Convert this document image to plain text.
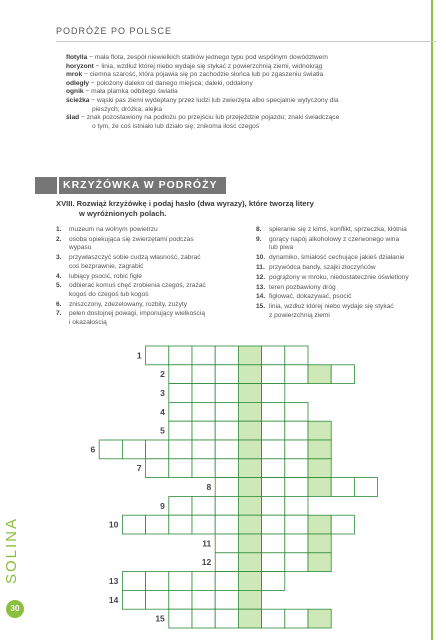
PODRÓŻE PO POLSCE
flotylla − mała flota, zespół niewielkich statków jednego typu pod wspólnym dowództwem
horyzont − linia, wzdłuż której niebo wydaje się stykać z powierzchnią ziemi, widnokrąg
mrok − ciemna szarość, która pojawia się po zachodzie słońca lub po zgaszeniu światła
odległy − położony daleko od danego miejsca; daleki, oddalony
ognik − mała plamka odbitego światła
ścieżka − wąski pas ziemi wydeptany przez ludzi lub zwierzęta albo specjalnie wytyczony dla
pieszych; dróżka; alejka
ślad − znak pozostawiony na podłożu po przejściu lub przejeździe pojazdu; znaki świadczące
o tym, że coś istniało lub działo się; znikoma ilość czegoś
KRZYŻÓWKA W PODRÓŻY
XVIII. Rozwiąż krzyżówkę i podaj hasło (dwa wyrazy), które tworzą litery
w wyróżnionych polach.
1.	muzeum na wolnym powietrzu
2.	osoba opiekująca się zwierzętami podczas
wypasu
3.	przywłaszczyć sobie cudzą własność, zabrać
coś bezprawnie, zagrabić
4.	lubiący psocić, robić figle
5.	odbierać komuś chęć zrobienia czegoś, zrażać
kogoś do czegoś lub kogoś
6.	zniszczony, zdezelowany, rozbity, zużyty
7.	pełen dostojnej powagi, imponujący wielkością
i okazałością
8.	spieranie się z kimś, konflikt, sprzeczka, kłótnia
9.	gorący napój alkoholowy z czerwonego wina
lub piwa
10. dynamiko, śmiałość cechujące jakieś działanie
11. przywódca bandy, szajki złoczyńców
12. pogrążony w mroku, niedostatecznie oświetlony
13. teren pozbawiony dróg
14. figlować, dokazywać, psocić
15. linia, wzdłuż której niebo wydaje się stykać
z powierzchnią ziemi
1
2
3
4
5
6
7
8
9
10
11
12
13
14
15
SOLINA
30
